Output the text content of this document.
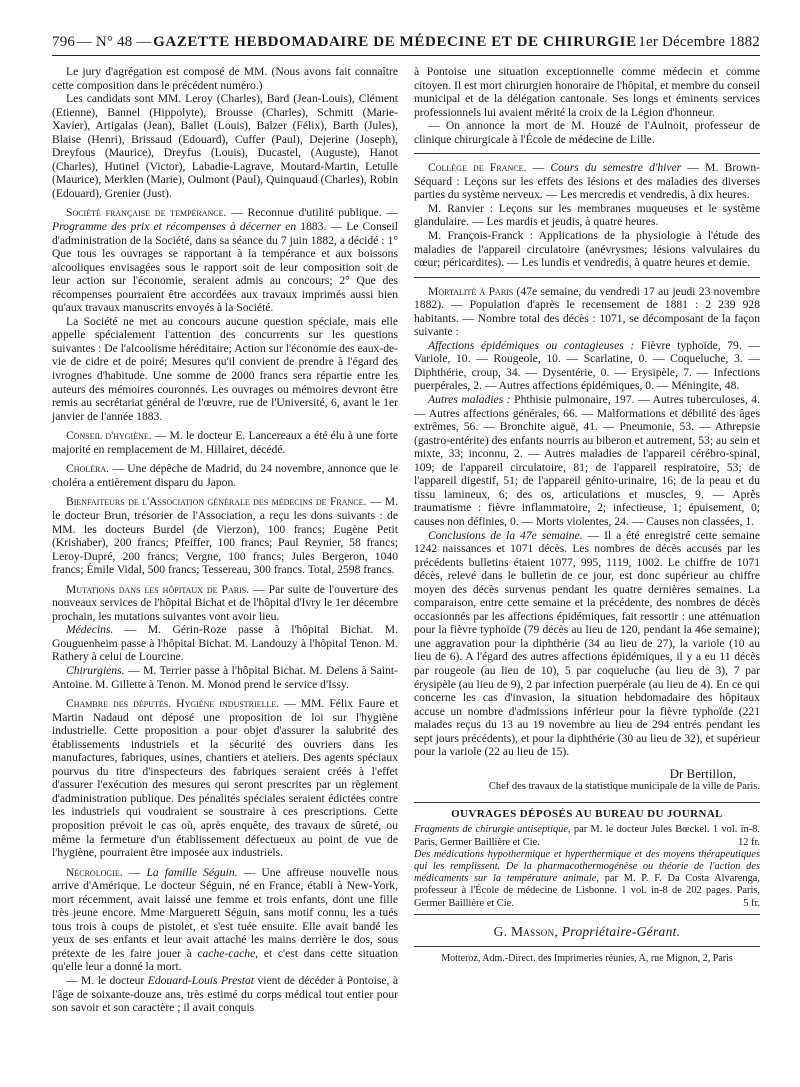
796 — N° 48 — GAZETTE HEBDOMADAIRE DE MÉDECINE ET DE CHIRURGIE 1er Décembre 1882

Le jury d'agrégation est composé de MM. (Nous avons fait connaître cette composition dans le précédent numéro.)

Les candidats sont MM. Leroy (Charles), Bard (Jean-Louis), Clément (Etienne), Bannel (Hippolyte), Brousse (Charles), Schmitt (Marie-Xavier), Artigalas (Jean), Ballet (Louis), Balzer (Félix), Barth (Jules), Blaise (Henri), Brissaud (Edouard), Cuffer (Paul), Dejerine (Joseph), Dreyfous (Maurice), Dreyfus (Louis), Ducastel, (Auguste), Hanot (Charles), Hutinel (Victor), Labadie-Lagrave, Moutard-Martin, Letulle (Maurice), Merklen (Marie), Oulmont (Paul), Quinquaud (Charles), Robin (Edouard), Grenier (Just).

Société française de tempérance. — Reconnue d'utilité publique. — Programme des prix et récompenses à décerner en 1883. — Le Conseil d'administration de la Société, dans sa séance du 7 juin 1882, a décidé : 1° Que tous les ouvrages se rapportant à la tempérance et aux boissons alcooliques envisagées sous le rapport soit de leur composition soit de leur action sur l'économie, seraient admis au concours; 2° Que des récompenses pourraient être accordées aux travaux imprimés aussi bien qu'aux travaux manuscrits envoyés à la Société.

La Société ne met au concours aucune question spéciale, mais elle appelle spécialement l'attention des concurrents sur les questions suivantes : De l'alcoolisme héréditaire; Action sur l'économie des eaux-de-vie de cidre et de poiré; Mesures qu'il convient de prendre à l'égard des ivrognes d'habitude. Une somme de 2000 francs sera répartie entre les auteurs des mémoires couronnés. Les ouvrages ou mémoires devront être remis au secrétariat général de l'œuvre, rue de l'Université, 6, avant le 1er janvier de l'année 1883.

Conseil d'hygiène. — M. le docteur E. Lancereaux a été élu à une forte majorité en remplacement de M. Hillairet, décédé.

Choléra. — Une dépêche de Madrid, du 24 novembre, annonce que le choléra a entièrement disparu du Japon.

Bienfaiteurs de l'Association générale des médecins de France. — M. le docteur Brun, trésorier de l'Association, a reçu les dons suivants : de MM. les docteurs Burdel (de Vierzon), 100 francs; Eugène Petit (Krishaber), 200 francs; Pfeiffer, 100 francs; Paul Reynier, 58 francs; Leroy-Dupré, 200 francs; Vergne, 100 francs; Jules Bergeron, 1040 francs; Émile Vidal, 500 francs; Tessereau, 300 francs. Total, 2598 francs.

Mutations dans les hôpitaux de Paris. — Par suite de l'ouverture des nouveaux services de l'hôpital Bichat et de l'hôpital d'Ivry le 1er décembre prochain, les mutations suivantes vont avoir lieu.

Médecins. — M. Gérin-Roze passe à l'hôpital Bichat. M. Gouguenheim passe à l'hôpital Bichat. M. Landouzy à l'hôpital Tenon. M. Rathery à celui de Lourcine.

Chirurgiens. — M. Terrier passe à l'hôpital Bichat. M. Delens à Saint-Antoine. M. Gillette à Tenon. M. Monod prend le service d'Issy.

Chambre des députés. Hygiène industrielle. — MM. Félix Faure et Martin Nadaud ont déposé une proposition de loi sur l'hygiène industrielle. Cette proposition a pour objet d'assurer la salubrité des établissements industriels et la sécurité des ouvriers dans les manufactures, fabriques, usines, chantiers et ateliers. Des agents spéciaux pourvus du titre d'inspecteurs des fabriques seraient créés à l'effet d'assurer l'exécution des mesures qui seront prescrites par un règlement d'administration publique. Des pénalités spéciales seraient édictées contre les industriels qui voudraient se soustraire à ces prescriptions. Cette proposition prévoit le cas où, après enquête, des travaux de sûreté, ou même la fermeture d'un établissement défectueux au point de vue de l'hygiène, pourraient être imposée aux industriels.

Nécrologie. — La famille Séguin. — Une affreuse nouvelle nous arrive d'Amérique. Le docteur Séguin, né en France, établi à New-York, mort récemment, avait laissé une femme et trois enfants, dont une fille très jeune encore. Mme Marguerett Séguin, sans motif connu, les a tués tous trois à coups de pistolet, et s'est tuée ensuite. Elle avait bandé les yeux de ses enfants et leur avait attaché les mains derrière le dos, sous prétexte de les faire jouer à cache-cache, et c'est dans cette situation qu'elle leur a donné la mort.

— M. le docteur Edouard-Louis Prestat vient de décéder à Pontoise, à l'âge de soixante-douze ans, très estimé du corps médical tout entier pour son savoir et son caractère ; il avait conquis

à Pontoise une situation exceptionnelle comme médecin et comme citoyen. Il est mort chirurgien honoraire de l'hôpital, et membre du conseil municipal et de la délégation cantonale. Ses longs et éminents services professionnels lui avaient mérité la croix de la Légion d'honneur.

— On annonce la mort de M. Houzé de l'Aulnoit, professeur de clinique chirurgicale à l'École de médecine de Lille.

Collège de France. — Cours du semestre d'hiver — M. Brown-Séquard : Leçons sur les effets des lésions et des maladies des diverses parties du système nerveux. — Les mercredis et vendredis, à dix heures.

M. Ranvier : Leçons sur les membranes muqueuses et le système glandulaire. — Les mardis et jeudis, à quatre heures.

M. François-Franck : Applications de la physiologie à l'étude des maladies de l'appareil circulatoire (anévrysmes; lésions valvulaires du cœur; péricardites). — Les lundis et vendredis, à quatre heures et demie.

Mortalité à Paris (47e semaine, du vendredi 17 au jeudi 23 novembre 1882). — Population d'après le recensement de 1881 : 2 239 928 habitants. — Nombre total des décès : 1071, se décomposant de la façon suivante :

Affections épidémiques ou contagieuses : Fièvre typhoïde, 79. — Variole, 10. — Rougeole, 10. — Scarlatine, 0. — Coqueluche, 3. — Diphthérie, croup, 34. — Dysentérie, 0. — Erysipèle, 7. — Infections puerpérales, 2. — Autres affections épidémiques, 0. — Méningite, 48.

Autres maladies : Phthisie pulmonaire, 197. — Autres tuberculoses, 4. — Autres affections générales, 66. — Malformations et débilité des âges extrêmes, 56. — Bronchite aiguë, 41. — Pneumonie, 53. — Athrepsie (gastro-entérite) des enfants nourris au biberon et autrement, 53; au sein et mixte, 33; inconnu, 2. — Autres maladies de l'appareil cérébro-spinal, 109; de l'appareil circulatoire, 81; de l'appareil respiratoire, 53; de l'appareil digestif, 51; de l'appareil génito-urinaire, 16; de la peau et du tissu lamineux, 6; des os, articulations et muscles, 9. — Après traumatisme : fièvre inflammatoire, 2; infectieuse, 1; épuisement, 0; causes non définies, 0. — Morts violentes, 24. — Causes non classées, 1.

Conclusions de la 47e semaine. — Il a été enregistré cette semaine 1242 naissances et 1071 décès. Les nombres de décès accusés par les précédents bulletins étaient 1077, 995, 1119, 1002. Le chiffre de 1071 décès, relevé dans le bulletin de ce jour, est donc supérieur au chiffre moyen des décès survenus pendant les quatre dernières semaines. La comparaison, entre cette semaine et la précédente, des nombres de décès occasionnés par les affections épidémiques, fait ressortir : une atténuation pour la fièvre typhoïde (79 décès au lieu de 120, pendant la 46e semaine); une aggravation pour la diphthérie (34 au lieu de 27), la variole (10 au lieu de 6). A l'égard des autres affections épidémiques, il y a eu 11 décès par rougeole (au lieu de 10), 5 par coqueluche (au lieu de 3), 7 par érysipèle (au lieu de 9), 2 par infection puerpérale (au lieu de 4). En ce qui concerne les cas d'invasion, la situation hebdomadaire des hôpitaux accuse un nombre d'admissions inférieur pour la fièvre typhoïde (221 malades reçus du 13 au 19 novembre au lieu de 294 entrés pendant les sept jours précédents), et pour la diphthérie (30 au lieu de 32), et supérieur pour la variole (22 au lieu de 15).

Dr Bertillon,

Chef des travaux de la statistique municipale de la ville de Paris.

OUVRAGES DÉPOSÉS AU BUREAU DU JOURNAL

Fragments de chirurgie antiseptique, par M. le docteur Jules Bœckel. 1 vol. in-8. Paris, Germer Baillière et Cie.	12 fr.

Des médications hypothermique et hyperthermique et des moyens thérapeutiques qui les remplissent. De la pharmacothermogénèse ou théorie de l'action des médicaments sur la température animale, par M. P. F. Da Costa Alvarenga, professeur à l'École de médecine de Lisbonne. 1 vol. in-8 de 202 pages. Paris, Germer Baillière et Cie.	5 fr.

G. Masson, Propriétaire-Gérant.

Motteroz, Adm.-Direct. des Imprimeries réunies, A, rue Mignon, 2, Paris
